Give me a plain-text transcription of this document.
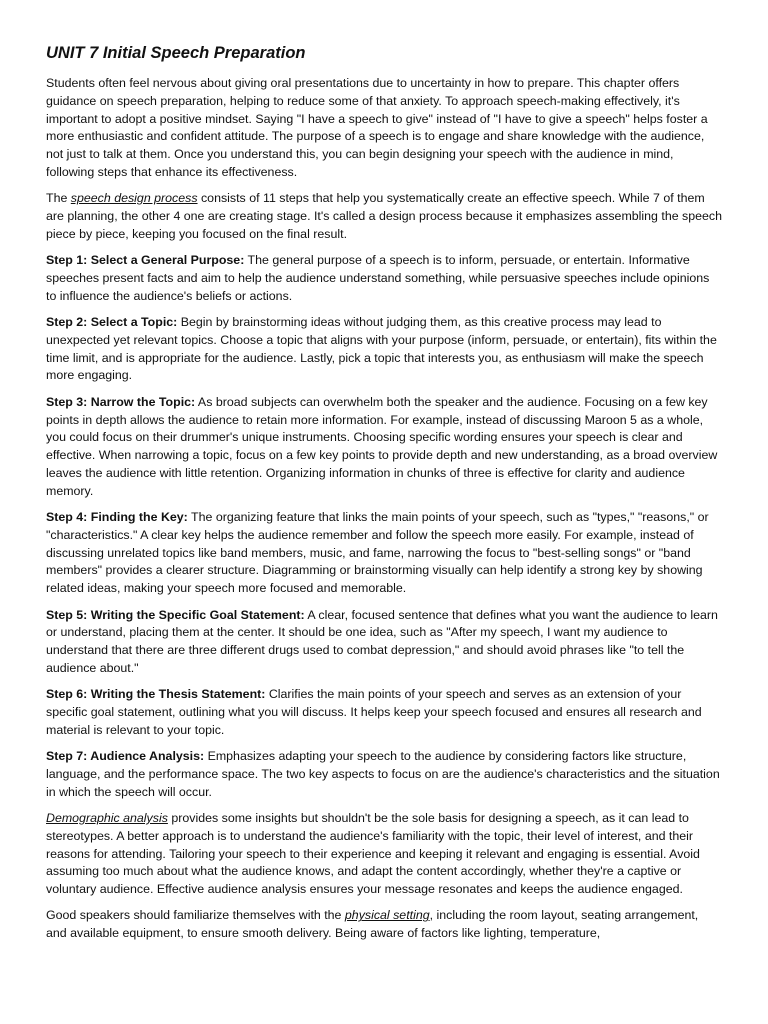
UNIT 7 Initial Speech Preparation

Students often feel nervous about giving oral presentations due to uncertainty in how to prepare. This chapter offers guidance on speech preparation, helping to reduce some of that anxiety. To approach speech-making effectively, it's important to adopt a positive mindset. Saying "I have a speech to give" instead of "I have to give a speech" helps foster a more enthusiastic and confident attitude. The purpose of a speech is to engage and share knowledge with the audience, not just to talk at them. Once you understand this, you can begin designing your speech with the audience in mind, following steps that enhance its effectiveness.

The speech design process consists of 11 steps that help you systematically create an effective speech. While 7 of them are planning, the other 4 one are creating stage. It's called a design process because it emphasizes assembling the speech piece by piece, keeping you focused on the final result.

Step 1: Select a General Purpose: The general purpose of a speech is to inform, persuade, or entertain. Informative speeches present facts and aim to help the audience understand something, while persuasive speeches include opinions to influence the audience's beliefs or actions.

Step 2: Select a Topic: Begin by brainstorming ideas without judging them, as this creative process may lead to unexpected yet relevant topics. Choose a topic that aligns with your purpose (inform, persuade, or entertain), fits within the time limit, and is appropriate for the audience. Lastly, pick a topic that interests you, as enthusiasm will make the speech more engaging.

Step 3: Narrow the Topic: As broad subjects can overwhelm both the speaker and the audience. Focusing on a few key points in depth allows the audience to retain more information. For example, instead of discussing Maroon 5 as a whole, you could focus on their drummer's unique instruments. Choosing specific wording ensures your speech is clear and effective. When narrowing a topic, focus on a few key points to provide depth and new understanding, as a broad overview leaves the audience with little retention. Organizing information in chunks of three is effective for clarity and audience memory.

Step 4: Finding the Key: The organizing feature that links the main points of your speech, such as "types," "reasons," or "characteristics." A clear key helps the audience remember and follow the speech more easily. For example, instead of discussing unrelated topics like band members, music, and fame, narrowing the focus to "best-selling songs" or "band members" provides a clearer structure. Diagramming or brainstorming visually can help identify a strong key by showing related ideas, making your speech more focused and memorable.

Step 5: Writing the Specific Goal Statement: A clear, focused sentence that defines what you want the audience to learn or understand, placing them at the center. It should be one idea, such as "After my speech, I want my audience to understand that there are three different drugs used to combat depression," and should avoid phrases like "to tell the audience about."

Step 6: Writing the Thesis Statement: Clarifies the main points of your speech and serves as an extension of your specific goal statement, outlining what you will discuss. It helps keep your speech focused and ensures all research and material is relevant to your topic.

Step 7: Audience Analysis: Emphasizes adapting your speech to the audience by considering factors like structure, language, and the performance space. The two key aspects to focus on are the audience's characteristics and the situation in which the speech will occur.

Demographic analysis provides some insights but shouldn't be the sole basis for designing a speech, as it can lead to stereotypes. A better approach is to understand the audience's familiarity with the topic, their level of interest, and their reasons for attending. Tailoring your speech to their experience and keeping it relevant and engaging is essential. Avoid assuming too much about what the audience knows, and adapt the content accordingly, whether they're a captive or voluntary audience. Effective audience analysis ensures your message resonates and keeps the audience engaged.

Good speakers should familiarize themselves with the physical setting, including the room layout, seating arrangement, and available equipment, to ensure smooth delivery. Being aware of factors like lighting, temperature,
